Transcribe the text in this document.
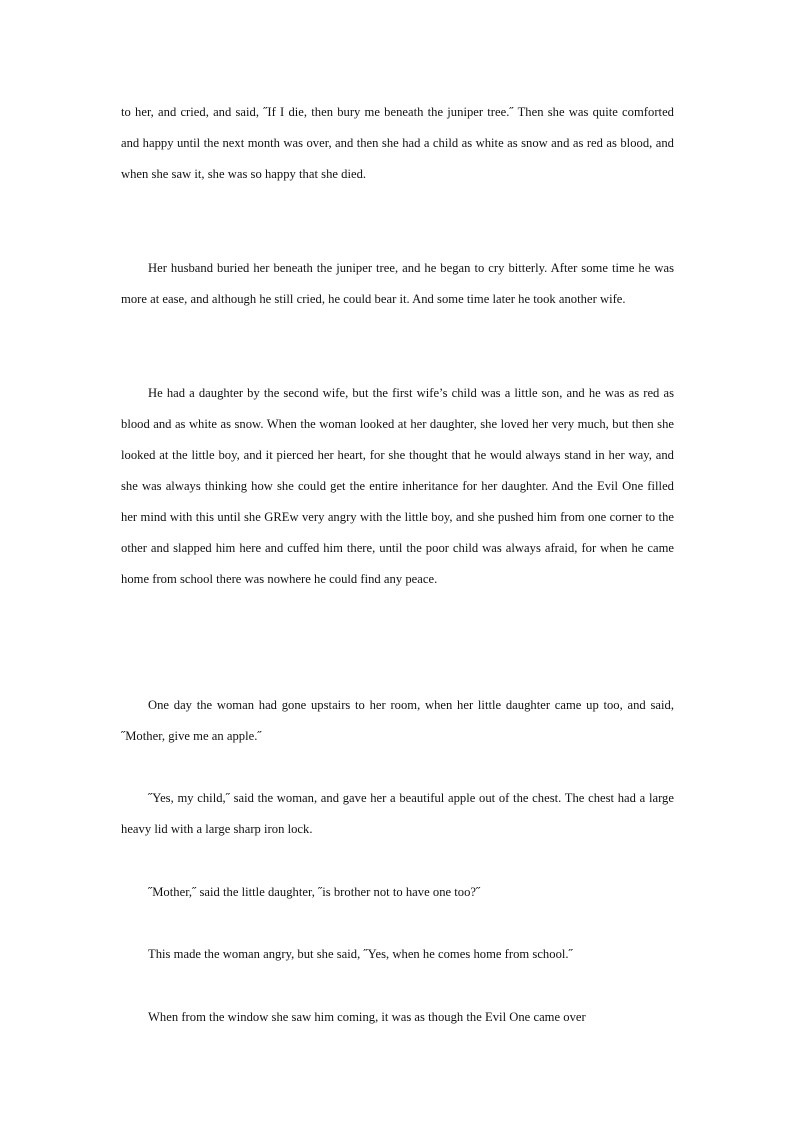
to her, and cried, and said, ˝If I die, then bury me beneath the juniper tree.˝ Then she was quite comforted and happy until the next month was over, and then she had a child as white as snow and as red as blood, and when she saw it, she was so happy that she died.

Her husband buried her beneath the juniper tree, and he began to cry bitterly. After some time he was more at ease, and although he still cried, he could bear it. And some time later he took another wife.

He had a daughter by the second wife, but the first wife’s child was a little son, and he was as red as blood and as white as snow. When the woman looked at her daughter, she loved her very much, but then she looked at the little boy, and it pierced her heart, for she thought that he would always stand in her way, and she was always thinking how she could get the entire inheritance for her daughter. And the Evil One filled her mind with this until she GREw very angry with the little boy, and she pushed him from one corner to the other and slapped him here and cuffed him there, until the poor child was always afraid, for when he came home from school there was nowhere he could find any peace.

One day the woman had gone upstairs to her room, when her little daughter came up too, and said, ˝Mother, give me an apple.˝

˝Yes, my child,˝ said the woman, and gave her a beautiful apple out of the chest. The chest had a large heavy lid with a large sharp iron lock.

˝Mother,˝ said the little daughter, ˝is brother not to have one too?˝

This made the woman angry, but she said, ˝Yes, when he comes home from school.˝

When from the window she saw him coming, it was as though the Evil One came over
